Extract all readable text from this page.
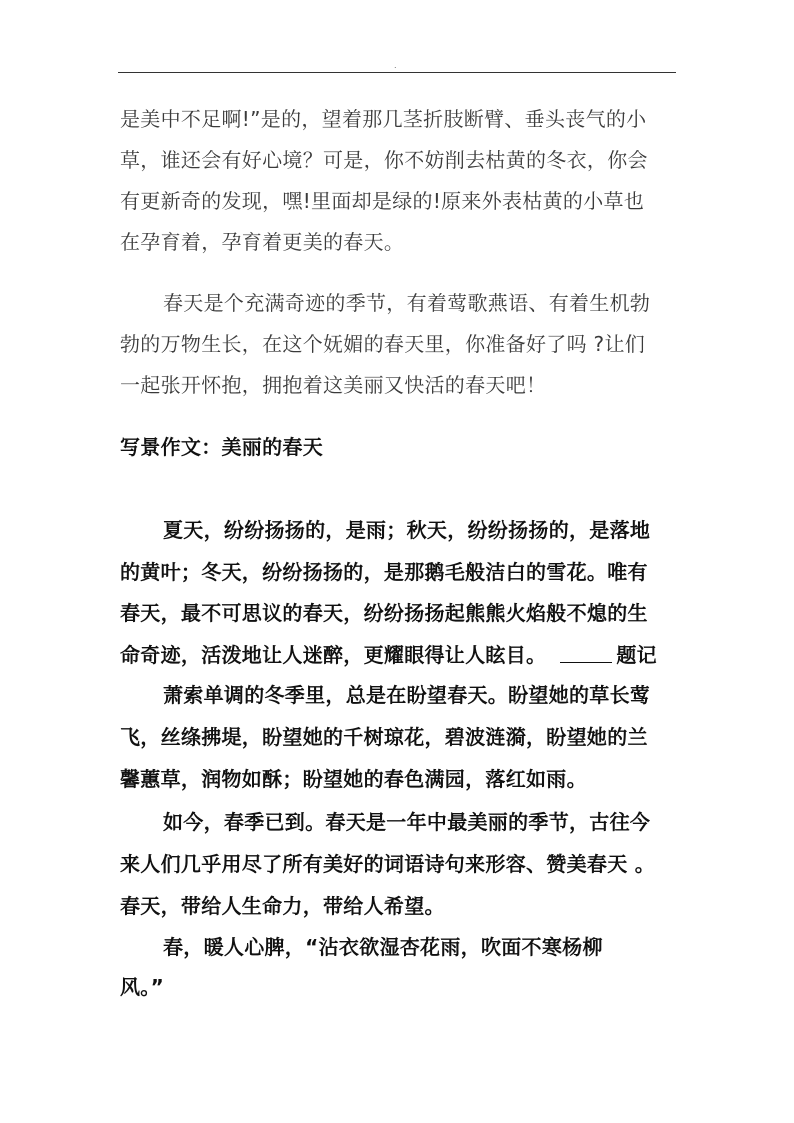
.
是美中不足啊!”是的，望着那几茎折肢断臂、垂头丧气的小
草，谁还会有好心境？可是，你不妨削去枯黄的冬衣，你会
有更新奇的发现，嘿!里面却是绿的!原来外表枯黄的小草也
在孕育着，孕育着更美的春天。
春天是个充满奇迹的季节，有着莺歌燕语、有着生机勃
勃的万物生长，在这个妩媚的春天里，你准备好了吗 ?让们
一起张开怀抱，拥抱着这美丽又快活的春天吧！
写景作文：美丽的春天
夏天，纷纷扬扬的，是雨；秋天，纷纷扬扬的，是落地
的黄叶；冬天，纷纷扬扬的，是那鹅毛般洁白的雪花。唯有
春天，最不可思议的春天，纷纷扬扬起熊熊火焰般不熄的生
命奇迹，活泼地让人迷醉，更耀眼得让人眩目。	题记
萧索单调的冬季里，总是在盼望春天。盼望她的草长莺
飞，丝绦拂堤，盼望她的千树琼花，碧波涟漪，盼望她的兰
馨蕙草，润物如酥；盼望她的春色满园，落红如雨。
如今，春季已到。春天是一年中最美丽的季节，古往今
来人们几乎用尽了所有美好的词语诗句来形容、赞美春天 。
春天，带给人生命力，带给人希望。
春，暖人心脾，“沾衣欲湿杏花雨，吹面不寒杨柳
风。”
